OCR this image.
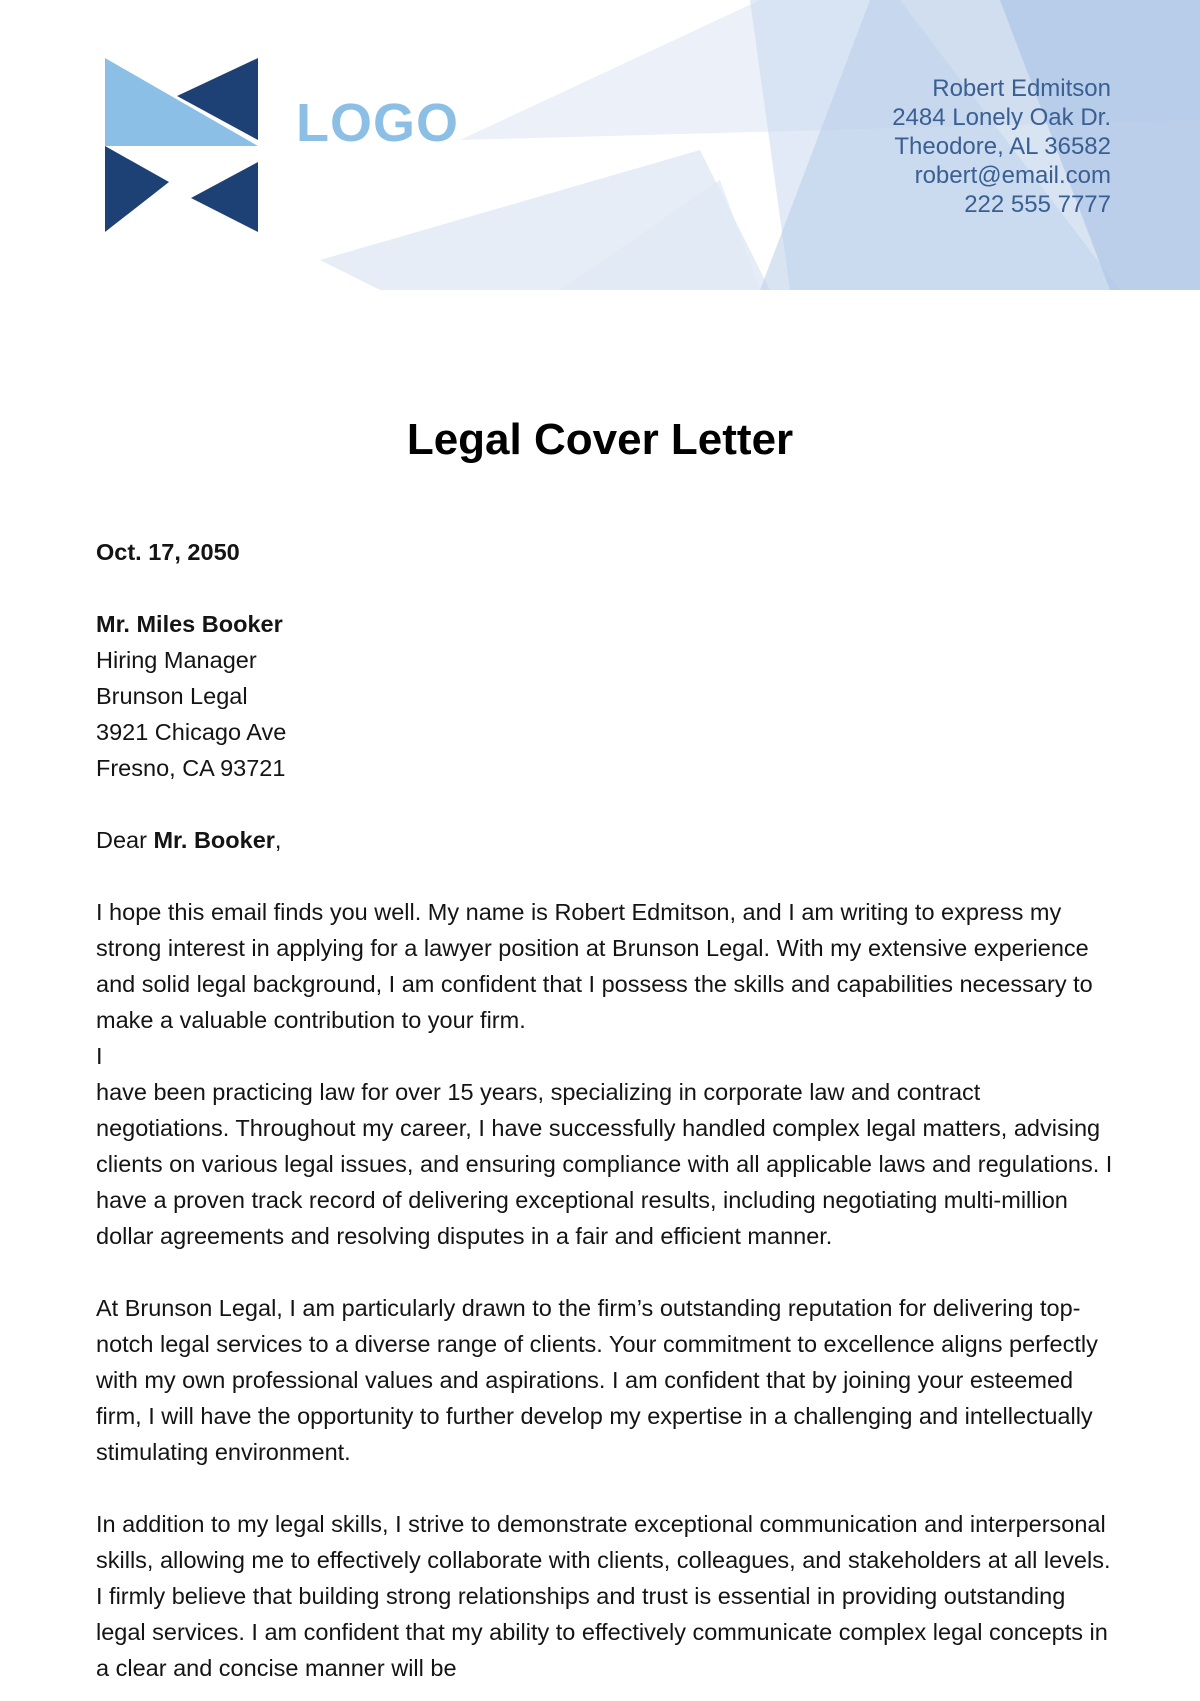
LOGO
Robert Edmitson
2484 Lonely Oak Dr.
Theodore, AL 36582
robert@email.com
222 555 7777
Legal Cover Letter

Oct. 17, 2050

Mr. Miles Booker

Hiring Manager

Brunson Legal

3921 Chicago Ave

Fresno, CA 93721

Dear Mr. Booker,

I hope this email finds you well. My name is Robert Edmitson, and I am writing to express my strong interest in applying for a lawyer position at Brunson Legal. With my extensive experience and solid legal background, I am confident that I possess the skills and capabilities necessary to make a valuable contribution to your firm.

I

have been practicing law for over 15 years, specializing in corporate law and contract negotiations. Throughout my career, I have successfully handled complex legal matters, advising clients on various legal issues, and ensuring compliance with all applicable laws and regulations. I have a proven track record of delivering exceptional results, including negotiating multi-million dollar agreements and resolving disputes in a fair and efficient manner.

At Brunson Legal, I am particularly drawn to the firm’s outstanding reputation for delivering top-notch legal services to a diverse range of clients. Your commitment to excellence aligns perfectly with my own professional values and aspirations. I am confident that by joining your esteemed firm, I will have the opportunity to further develop my expertise in a challenging and intellectually stimulating environment.

In addition to my legal skills, I strive to demonstrate exceptional communication and interpersonal skills, allowing me to effectively collaborate with clients, colleagues, and stakeholders at all levels. I firmly believe that building strong relationships and trust is essential in providing outstanding legal services. I am confident that my ability to effectively communicate complex legal concepts in a clear and concise manner will be
